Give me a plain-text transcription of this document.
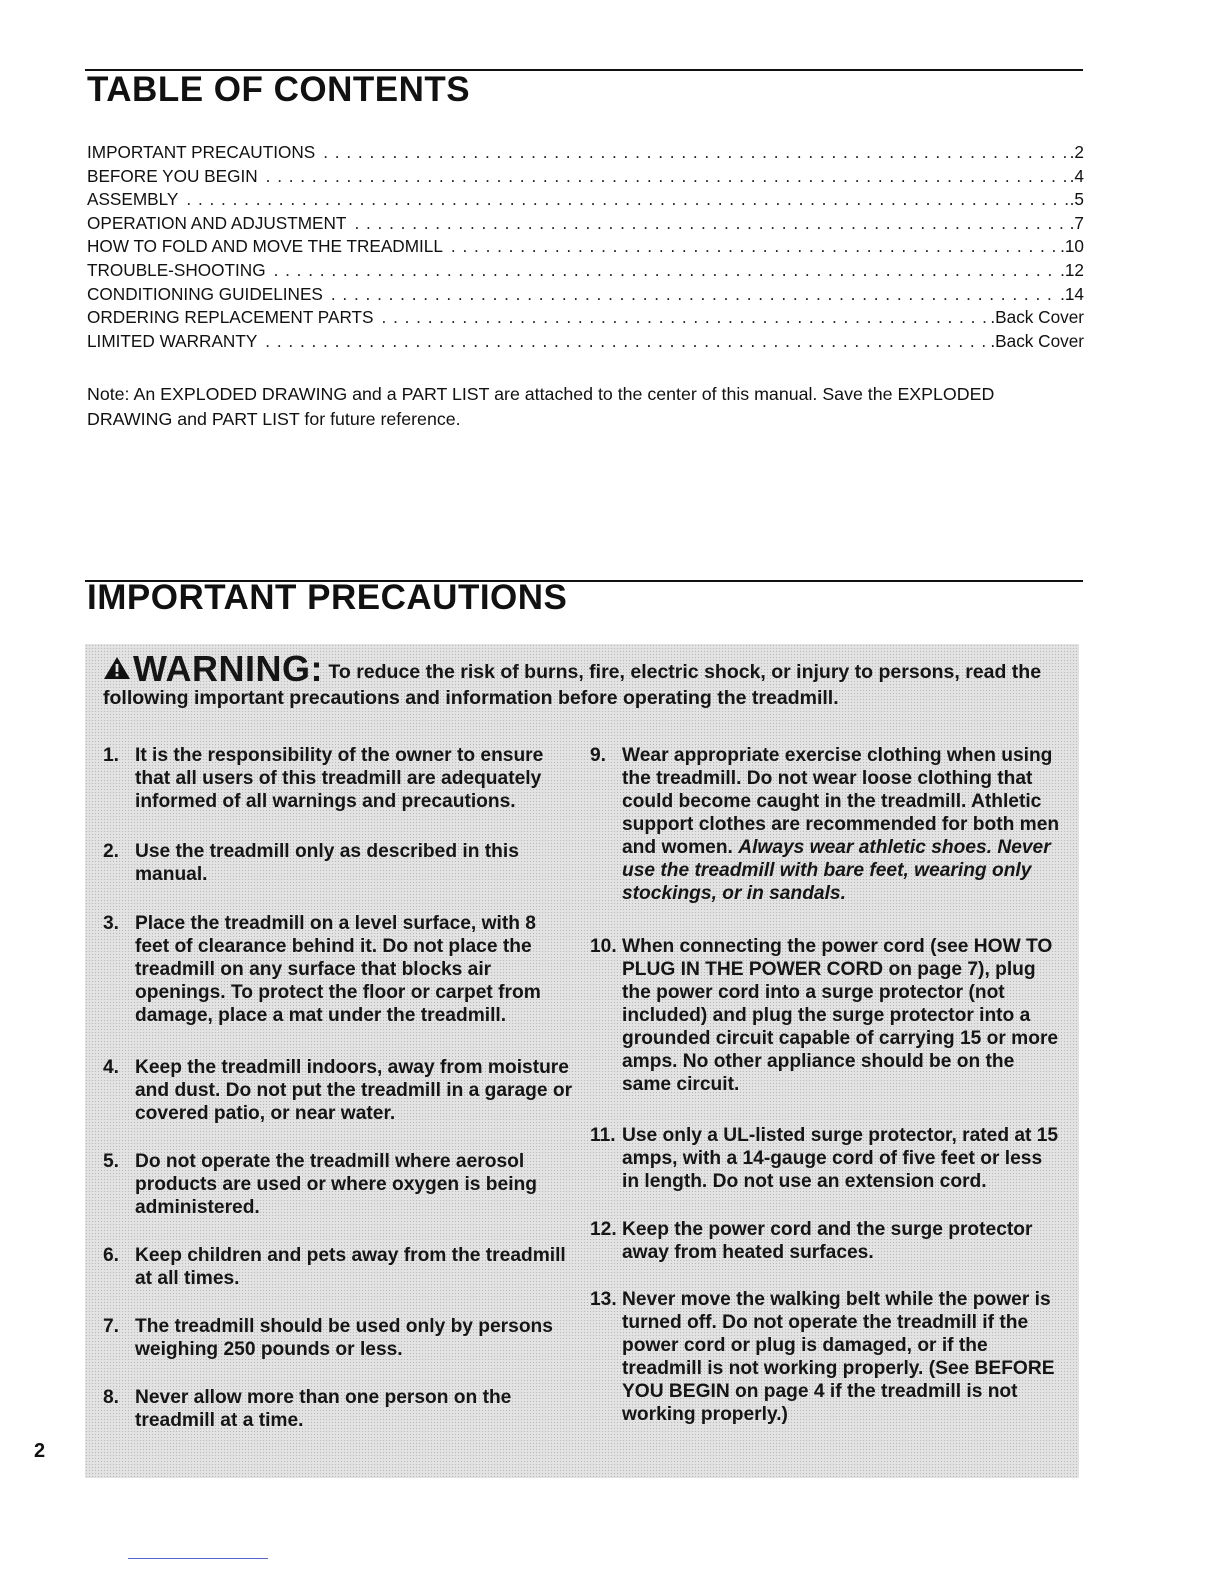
TABLE OF CONTENTS
IMPORTANT PRECAUTIONS . . .	.2
BEFORE YOU BEGIN . . .	.4
ASSEMBLY . . .	.5
OPERATION AND ADJUSTMENT . . .	.7
HOW TO FOLD AND MOVE THE TREADMILL . . .	.10
TROUBLE-SHOOTING . . .	.12
CONDITIONING GUIDELINES . . .	.14
ORDERING REPLACEMENT PARTS . . .	.Back Cover
LIMITED WARRANTY . . .	.Back Cover
Note: An EXPLODED DRAWING and a PART LIST are attached to the center of this manual. Save the EXPLODED DRAWING and PART LIST for future reference.
IMPORTANT PRECAUTIONS
WARNING: To reduce the risk of burns, fire, electric shock, or injury to persons, read the following important precautions and information before operating the treadmill.
1. It is the responsibility of the owner to ensure that all users of this treadmill are adequately informed of all warnings and precautions.
2. Use the treadmill only as described in this manual.
3. Place the treadmill on a level surface, with 8 feet of clearance behind it. Do not place the treadmill on any surface that blocks air openings. To protect the floor or carpet from damage, place a mat under the treadmill.
4. Keep the treadmill indoors, away from moisture and dust. Do not put the treadmill in a garage or covered patio, or near water.
5. Do not operate the treadmill where aerosol products are used or where oxygen is being administered.
6. Keep children and pets away from the treadmill at all times.
7. The treadmill should be used only by persons weighing 250 pounds or less.
8. Never allow more than one person on the treadmill at a time.
9. Wear appropriate exercise clothing when using the treadmill. Do not wear loose clothing that could become caught in the treadmill. Athletic support clothes are recommended for both men and women. Always wear athletic shoes. Never use the treadmill with bare feet, wearing only stockings, or in sandals.
10. When connecting the power cord (see HOW TO PLUG IN THE POWER CORD on page 7), plug the power cord into a surge protector (not included) and plug the surge protector into a grounded circuit capable of carrying 15 or more amps. No other appliance should be on the same circuit.
11. Use only a UL-listed surge protector, rated at 15 amps, with a 14-gauge cord of five feet or less in length. Do not use an extension cord.
12. Keep the power cord and the surge protector away from heated surfaces.
13. Never move the walking belt while the power is turned off. Do not operate the treadmill if the power cord or plug is damaged, or if the treadmill is not working properly. (See BEFORE YOU BEGIN on page 4 if the treadmill is not working properly.)
2
